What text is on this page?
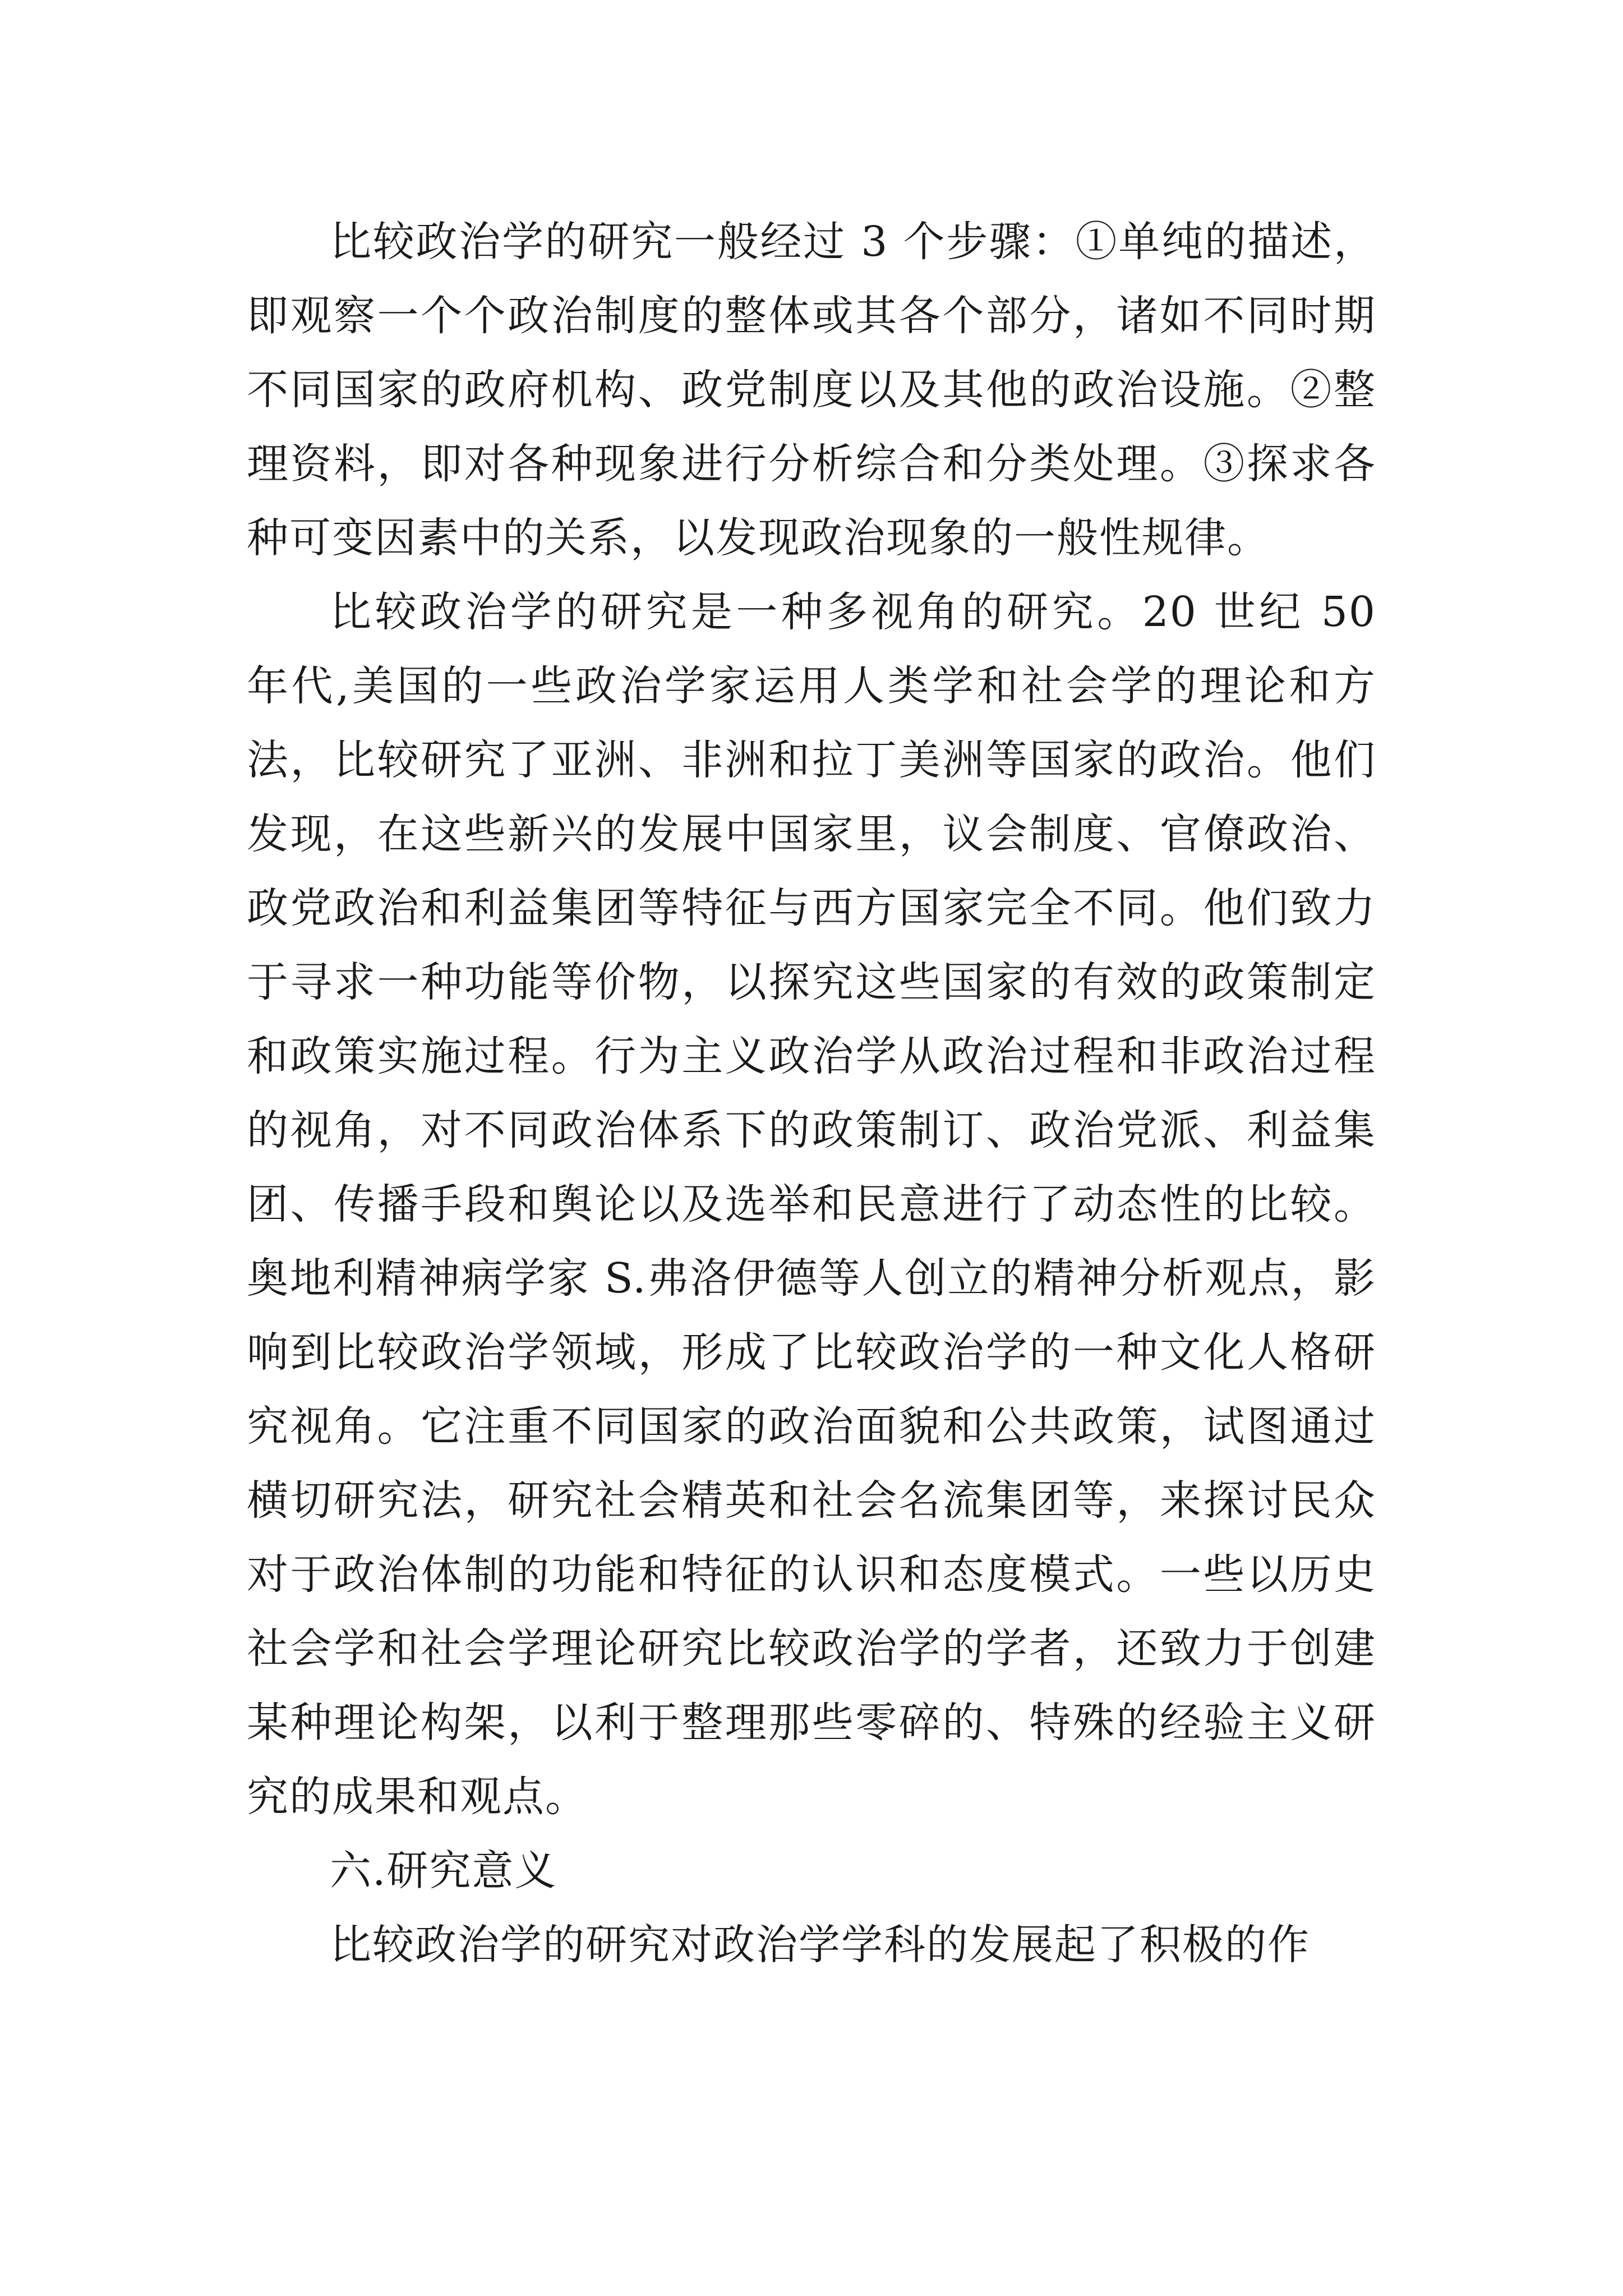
比较政治学的研究一般经过 3 个步骤：①单纯的描述，即观察一个个政治制度的整体或其各个部分，诸如不同时期不同国家的政府机构、政党制度以及其他的政治设施。②整理资料，即对各种现象进行分析综合和分类处理。③探求各种可变因素中的关系，以发现政治现象的一般性规律。

比较政治学的研究是一种多视角的研究。20 世纪 50 年代,美国的一些政治学家运用人类学和社会学的理论和方法，比较研究了亚洲、非洲和拉丁美洲等国家的政治。他们发现，在这些新兴的发展中国家里，议会制度、官僚政治、政党政治和利益集团等特征与西方国家完全不同。他们致力于寻求一种功能等价物，以探究这些国家的有效的政策制定和政策实施过程。行为主义政治学从政治过程和非政治过程的视角，对不同政治体系下的政策制订、政治党派、利益集团、传播手段和舆论以及选举和民意进行了动态性的比较。奥地利精神病学家 S.弗洛伊德等人创立的精神分析观点，影响到比较政治学领域，形成了比较政治学的一种文化人格研究视角。它注重不同国家的政治面貌和公共政策，试图通过横切研究法，研究社会精英和社会名流集团等，来探讨民众对于政治体制的功能和特征的认识和态度模式。一些以历史社会学和社会学理论研究比较政治学的学者，还致力于创建某种理论构架，以利于整理那些零碎的、特殊的经验主义研究的成果和观点。

六.研究意义

比较政治学的研究对政治学学科的发展起了积极的作
